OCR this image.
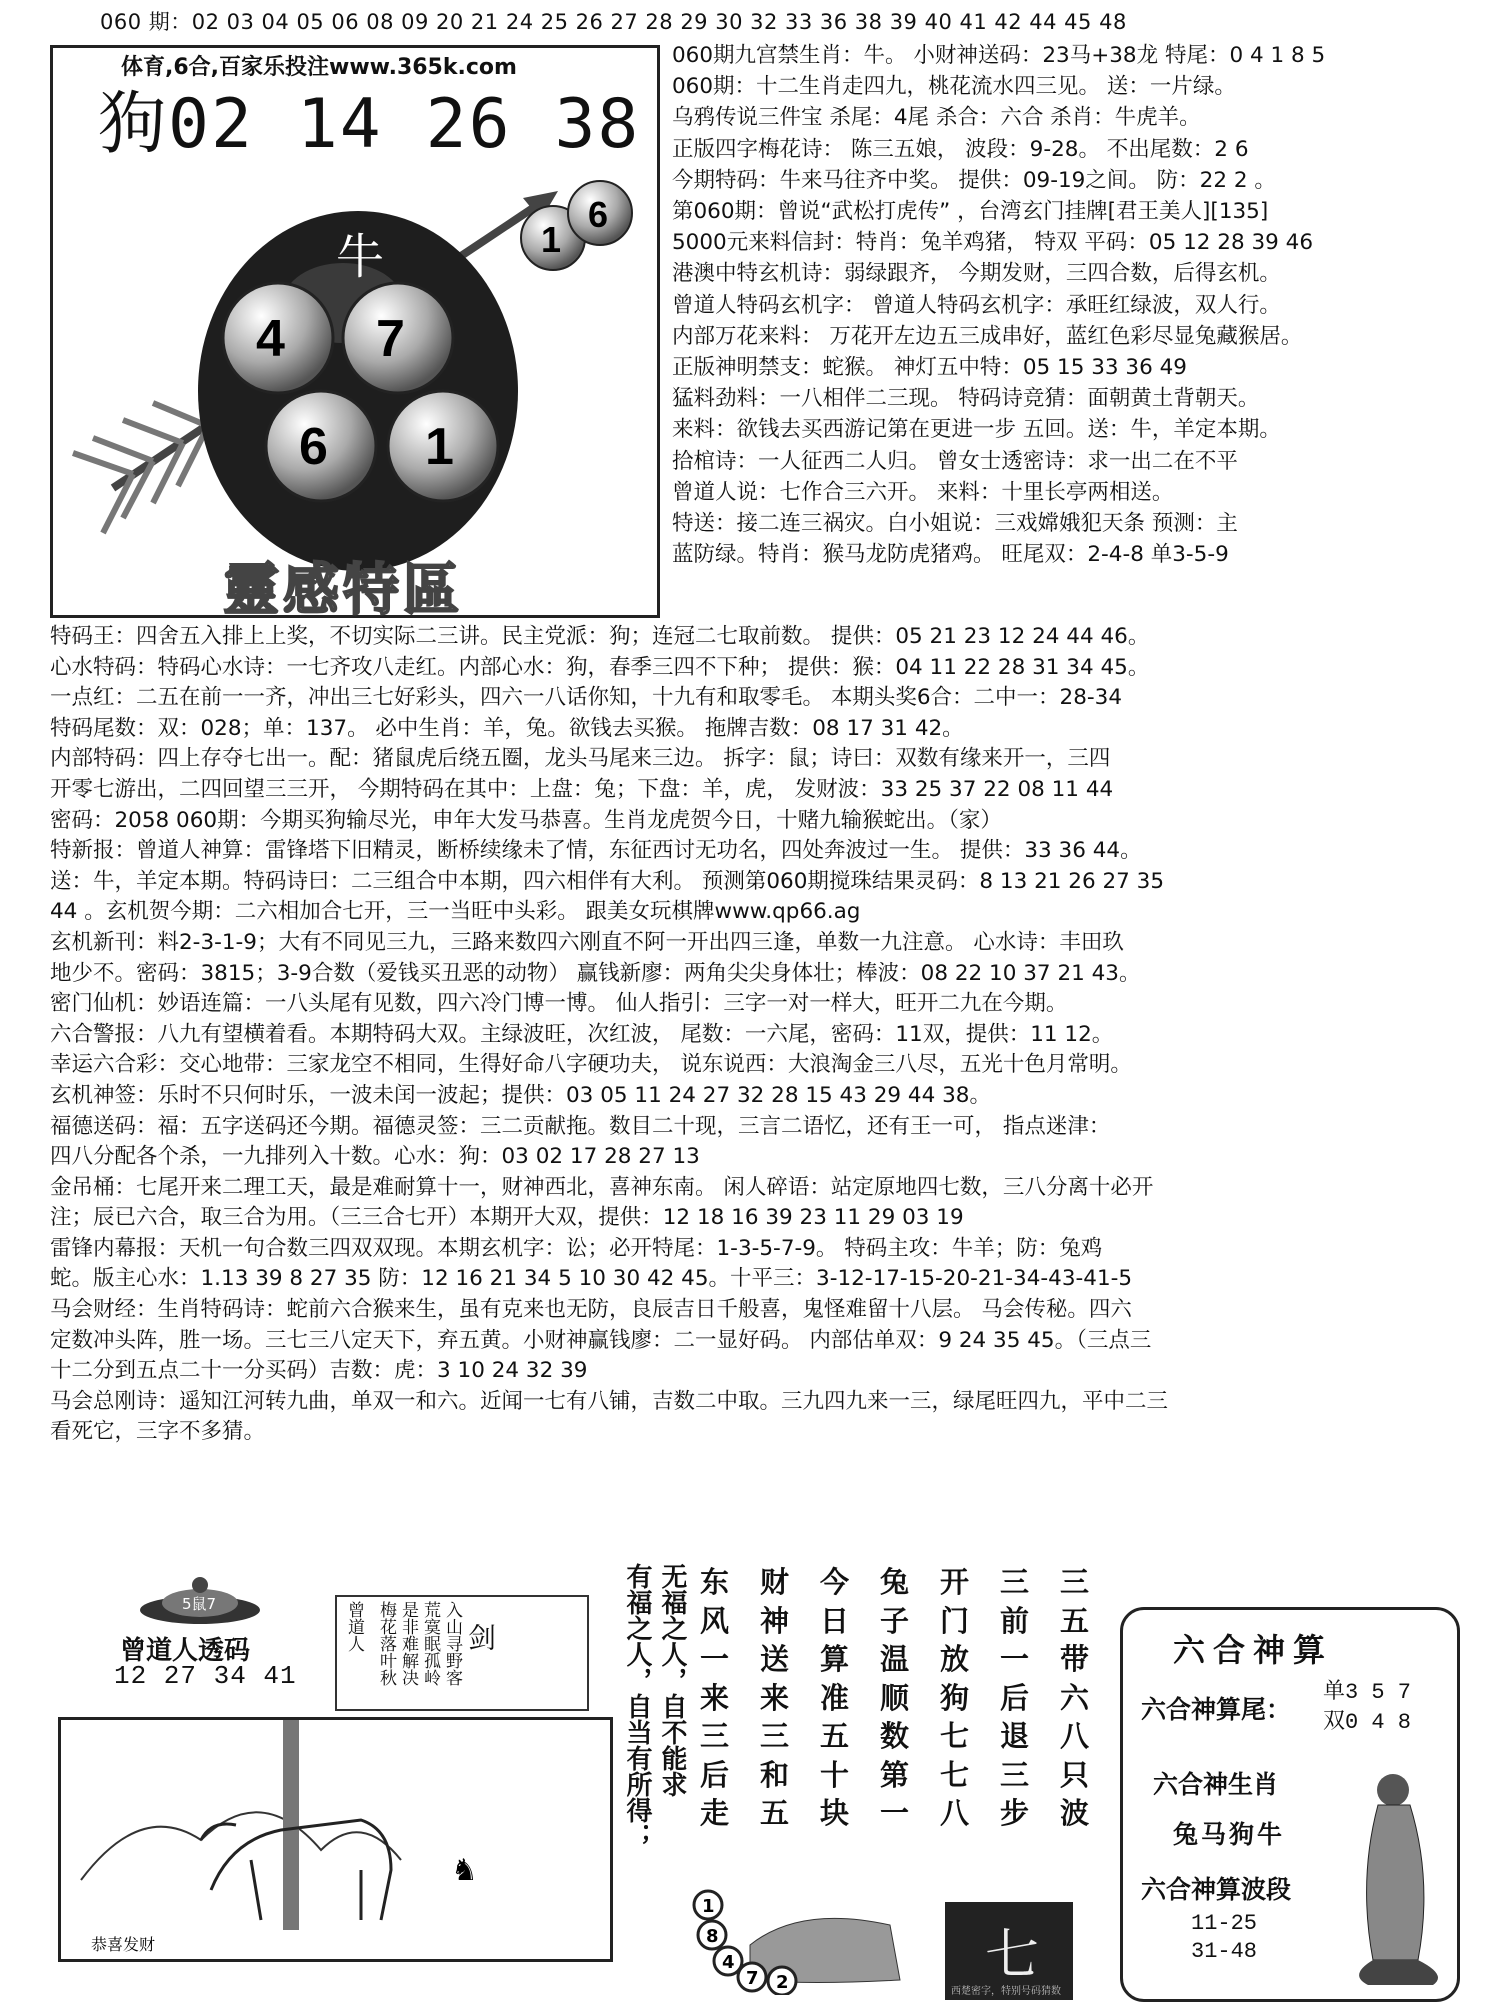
060 期：02 03 04 05 06 08 09 20 21 24 25 26 27 28 29 30 32 33 36 38 39 40 41 42 44 45 48
体育,6合,百家乐投注www.365k.com
狗02 14 26 38
牛
4 7
6 1
1
6
靈感特區
060期九宫禁生肖：牛。 小财神送码：23马+38龙 特尾：0 4 1 8 5
060期：十二生肖走四九，桃花流水四三见。 送：一片绿。
乌鸦传说三件宝 杀尾：4尾 杀合：六合 杀肖：牛虎羊。
正版四字梅花诗： 陈三五娘， 波段：9-28。 不出尾数：2 6
今期特码：牛来马往齐中奖。 提供：09-19之间。 防：22 2 。
第060期：曾说“武松打虎传” ，台湾玄门挂牌[君王美人][135]
5000元来料信封：特肖：兔羊鸡猪， 特双 平码：05 12 28 39 46
港澳中特玄机诗：弱绿跟齐， 今期发财，三四合数，后得玄机。
曾道人特码玄机字： 曾道人特码玄机字：承旺红绿波，双人行。
内部万花来料： 万花开左边五三成串好，蓝红色彩尽显兔藏猴居。
正版神明禁支：蛇猴。 神灯五中特：05 15 33 36 49
猛料劲料：一八相伴二三现。 特码诗竞猜：面朝黄土背朝天。
来料：欲钱去买西游记第在更进一步 五回。送：牛，羊定本期。
拾棺诗：一人征西二人归。 曾女士透密诗：求一出二在不平
曾道人说：七作合三六开。 来料：十里长亭两相送。
特送：接二连三祸灾。白小姐说：三戏嫦娥犯天条 预测：主
蓝防绿。特肖：猴马龙防虎猪鸡。 旺尾双：2-4-8 单3-5-9
特码王：四舍五入排上上奖，不切实际二三讲。民主党派：狗；连冠二七取前数。 提供：05 21 23 12 24 44 46。
心水特码：特码心水诗：一七齐攻八走红。内部心水：狗，春季三四不下种； 提供：猴：04 11 22 28 31 34 45。
一点红：二五在前一一齐，冲出三七好彩头，四六一八话你知，十九有和取零毛。 本期头奖6合：二中一：28-34
特码尾数：双：028；单：137。 必中生肖：羊，兔。欲钱去买猴。 拖牌吉数：08 17 31 42。
内部特码：四上存夺七出一。配：猪鼠虎后绕五圈，龙头马尾来三边。 拆字：鼠；诗曰：双数有缘来开一，三四
开零七游出，二四回望三三开， 今期特码在其中：上盘：兔；下盘：羊，虎， 发财波：33 25 37 22 08 11 44
密码：2058 060期：今期买狗输尽光，申年大发马恭喜。生肖龙虎贺今日，十赌九输猴蛇出。（家）
特新报：曾道人神算：雷锋塔下旧精灵，断桥续缘未了情，东征西讨无功名，四处奔波过一生。 提供：33 36 44。
送：牛，羊定本期。特码诗曰：二三组合中本期，四六相伴有大利。 预测第060期搅珠结果灵码：8 13 21 26 27 35
44 。玄机贺今期：二六相加合七开，三一当旺中头彩。 跟美女玩棋牌www.qp66.ag
玄机新刊：料2-3-1-9；大有不同见三九，三路来数四六刚直不阿一开出四三逢，单数一九注意。 心水诗：丰田玖
地少不。密码：3815；3-9合数（爱钱买丑恶的动物） 赢钱新廖：两角尖尖身体壮；棒波：08 22 10 37 21 43。
密门仙机：妙语连篇：一八头尾有见数，四六冷门博一博。 仙人指引：三字一对一样大，旺开二九在今期。
六合警报：八九有望横着看。本期特码大双。主绿波旺，次红波， 尾数：一六尾，密码：11双，提供：11 12。
幸运六合彩：交心地带：三家龙空不相同，生得好命八字硬功夫， 说东说西：大浪淘金三八尽，五光十色月常明。
玄机神签：乐时不只何时乐，一波未闰一波起；提供：03 05 11 24 27 32 28 15 43 29 44 38。
福德送码：福：五字送码还今期。福德灵签：三二贡献拖。数目二十现，三言二语忆，还有王一可， 指点迷津：
四八分配各个杀，一九排列入十数。心水：狗：03 02 17 28 27 13
金吊桶：七尾开来二理工天，最是难耐算十一，财神西北，喜神东南。 闲人碎语：站定原地四七数，三八分离十必开
注；辰已六合，取三合为用。（三三合七开）本期开大双，提供：12 18 16 39 23 11 29 03 19
雷锋内幕报：天机一句合数三四双双现。本期玄机字：讼；必开特尾：1-3-5-7-9。 特码主攻：牛羊；防：兔鸡
蛇。版主心水：1.13 39 8 27 35 防：12 16 21 34 5 10 30 42 45。十平三：3-12-17-15-20-21-34-43-41-5
马会财经：生肖特码诗：蛇前六合猴来生，虽有克来也无防，良辰吉日千般喜，鬼怪难留十八层。 马会传秘。四六
定数冲头阵，胜一场。三七三八定天下，弃五黄。小财神赢钱廖：二一显好码。 内部估单双：9 24 35 45。（三点三
十二分到五点二十一分买码）吉数：虎：3 10 24 32 39
马会总刚诗：遥知江河转九曲，单双一和六。近闻一七有八铺，吉数二中取。三九四九来一三，绿尾旺四九，平中二三
看死它，三字不多猜。
5鼠7
曾道人透码
12 27 34 41
曾道人 梅花落叶秋 是非难解决 荒寞眠孤岭 入山寻野客 剑
♞
恭喜发财
有福之人，自当有所得； 无福之人，自不能求 东 财 今 兔 开 三 三
风 神 日 子 门 前 五
一 送 算 温 放 一 带
来 来 准 顺 狗 后 六
三 三 五 数 七 退 八
后 和 十 第 七 三 只
走 五 块 一 八 步 波
1
8
4
7 2	七
西楚密字，特别号码猜数
六合神算
六合神算尾：
单3 5 7
双0 4 8
六合神生肖
兔马狗牛
六合神算波段
11-25
31-48
